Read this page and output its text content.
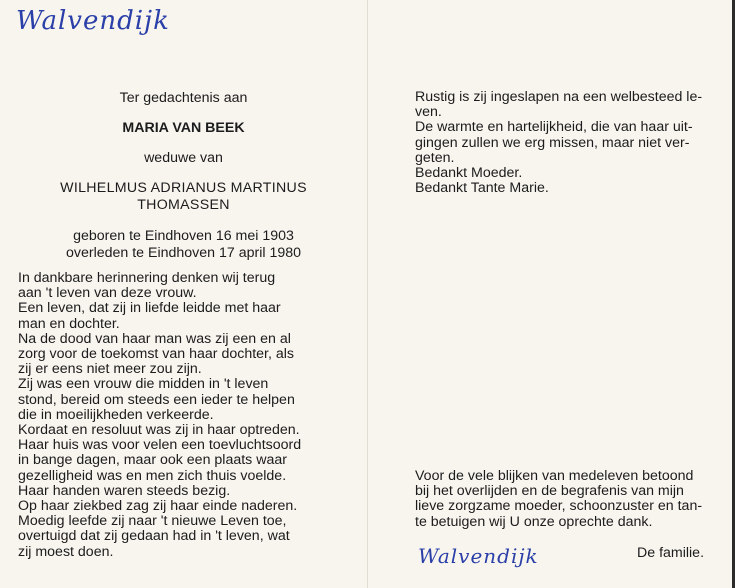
Walvendijk
Ter gedachtenis aan
MARIA VAN BEEK
weduwe van
WILHELMUS ADRIANUS MARTINUS
THOMASSEN
geboren te Eindhoven 16 mei 1903
overleden te Eindhoven 17 april 1980
In dankbare herinnering denken wij terug
aan 't leven van deze vrouw.
Een leven, dat zij in liefde leidde met haar
man en dochter.
Na de dood van haar man was zij een en al
zorg voor de toekomst van haar dochter, als
zij er eens niet meer zou zijn.
Zij was een vrouw die midden in 't leven
stond, bereid om steeds een ieder te helpen
die in moeilijkheden verkeerde.
Kordaat en resoluut was zij in haar optreden.
Haar huis was voor velen een toevluchtsoord
in bange dagen, maar ook een plaats waar
gezelligheid was en men zich thuis voelde.
Haar handen waren steeds bezig.
Op haar ziekbed zag zij haar einde naderen.
Moedig leefde zij naar 't nieuwe Leven toe,
overtuigd dat zij gedaan had in 't leven, wat
zij moest doen.
Rustig is zij ingeslapen na een welbesteed le-
ven.
De warmte en hartelijkheid, die van haar uit-
gingen zullen we erg missen, maar niet ver-
geten.
Bedankt Moeder.
Bedankt Tante Marie.
Voor de vele blijken van medeleven betoond
bij het overlijden en de begrafenis van mijn
lieve zorgzame moeder, schoonzuster en tan-
te betuigen wij U onze oprechte dank.
Walvendijk	De familie.
